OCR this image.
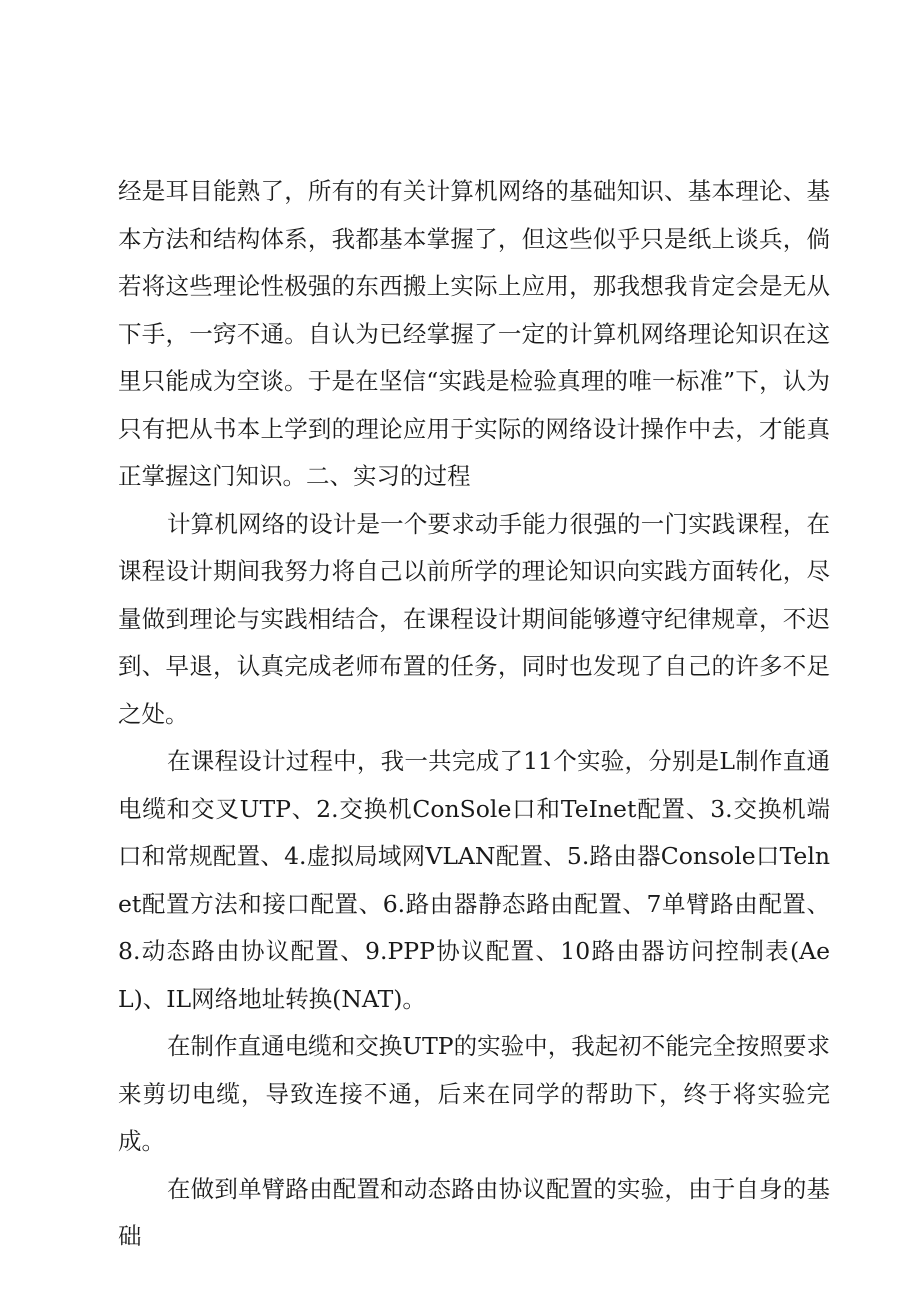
经是耳目能熟了，所有的有关计算机网络的基础知识、基本理论、基本方法和结构体系，我都基本掌握了，但这些似乎只是纸上谈兵，倘若将这些理论性极强的东西搬上实际上应用，那我想我肯定会是无从下手，一窍不通。自认为已经掌握了一定的计算机网络理论知识在这里只能成为空谈。于是在坚信“实践是检验真理的唯一标准”下，认为只有把从书本上学到的理论应用于实际的网络设计操作中去，才能真正掌握这门知识。二、实习的过程

计算机网络的设计是一个要求动手能力很强的一门实践课程，在课程设计期间我努力将自己以前所学的理论知识向实践方面转化，尽量做到理论与实践相结合，在课程设计期间能够遵守纪律规章，不迟到、早退，认真完成老师布置的任务，同时也发现了自己的许多不足之处。

在课程设计过程中，我一共完成了11个实验，分别是L制作直通电缆和交叉UTP、2.交换机ConSole口和TeInet配置、3.交换机端口和常规配置、4.虚拟局域网VLAN配置、5.路由器Console口Telnet配置方法和接口配置、6.路由器静态路由配置、7单臂路由配置、8.动态路由协议配置、9.PPP协议配置、10路由器访问控制表(AeL)、IL网络地址转换(NAT)。

在制作直通电缆和交换UTP的实验中，我起初不能完全按照要求来剪切电缆，导致连接不通，后来在同学的帮助下，终于将实验完成。

在做到单臂路由配置和动态路由协议配置的实验，由于自身的基础
